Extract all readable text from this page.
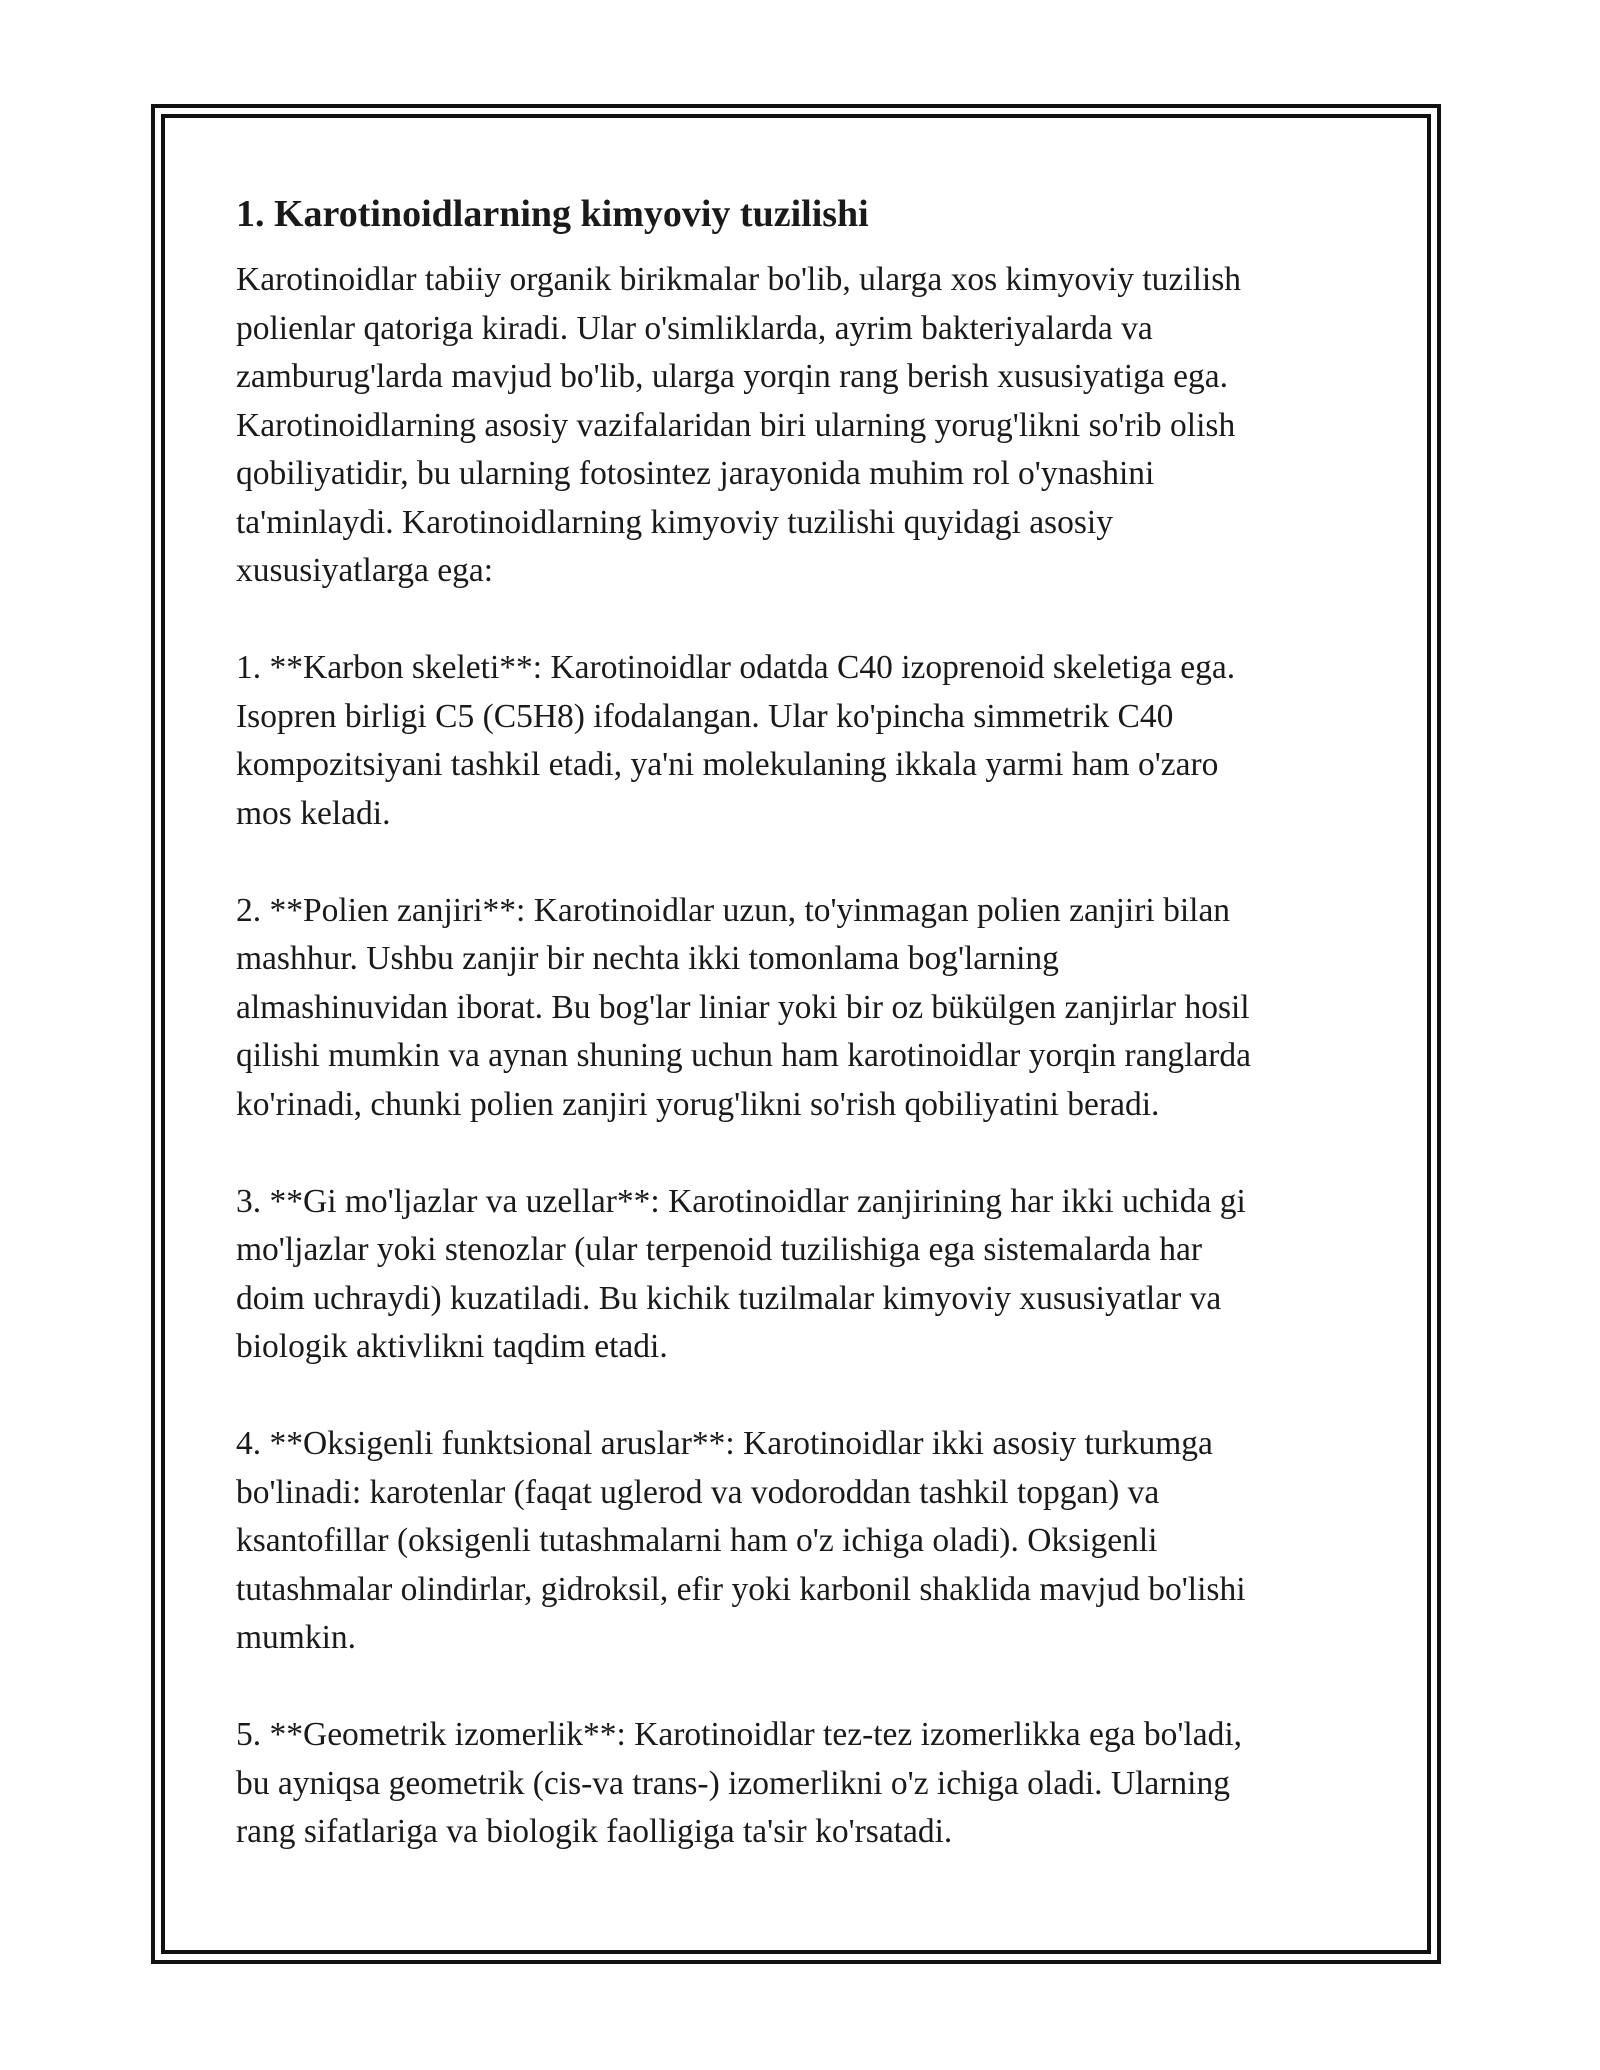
1. Karotinoidlarning kimyoviy tuzilishi

Karotinoidlar tabiiy organik birikmalar bo'lib, ularga xos kimyoviy tuzilish
polienlar qatoriga kiradi. Ular o'simliklarda, ayrim bakteriyalarda va
zamburug'larda mavjud bo'lib, ularga yorqin rang berish xususiyatiga ega.
Karotinoidlarning asosiy vazifalaridan biri ularning yorug'likni so'rib olish
qobiliyatidir, bu ularning fotosintez jarayonida muhim rol o'ynashini
ta'minlaydi. Karotinoidlarning kimyoviy tuzilishi quyidagi asosiy
xususiyatlarga ega:

1. **Karbon skeleti**: Karotinoidlar odatda C40 izoprenoid skeletiga ega.
Isopren birligi C5 (C5H8) ifodalangan. Ular ko'pincha simmetrik C40
kompozitsiyani tashkil etadi, ya'ni molekulaning ikkala yarmi ham o'zaro
mos keladi.

2. **Polien zanjiri**: Karotinoidlar uzun, to'yinmagan polien zanjiri bilan
mashhur. Ushbu zanjir bir nechta ikki tomonlama bog'larning
almashinuvidan iborat. Bu bog'lar liniar yoki bir oz bükülgen zanjirlar hosil
qilishi mumkin va aynan shuning uchun ham karotinoidlar yorqin ranglarda
ko'rinadi, chunki polien zanjiri yorug'likni so'rish qobiliyatini beradi.

3. **Gi mo'ljazlar va uzellar**: Karotinoidlar zanjirining har ikki uchida gi
mo'ljazlar yoki stenozlar (ular terpenoid tuzilishiga ega sistemalarda har
doim uchraydi) kuzatiladi. Bu kichik tuzilmalar kimyoviy xususiyatlar va
biologik aktivlikni taqdim etadi.

4. **Oksigenli funktsional aruslar**: Karotinoidlar ikki asosiy turkumga
bo'linadi: karotenlar (faqat uglerod va vodoroddan tashkil topgan) va
ksantofillar (oksigenli tutashmalarni ham o'z ichiga oladi). Oksigenli
tutashmalar olindirlar, gidroksil, efir yoki karbonil shaklida mavjud bo'lishi
mumkin.

5. **Geometrik izomerlik**: Karotinoidlar tez-tez izomerlikka ega bo'ladi,
bu ayniqsa geometrik (cis-va trans-) izomerlikni o'z ichiga oladi. Ularning
rang sifatlariga va biologik faolligiga ta'sir ko'rsatadi.
